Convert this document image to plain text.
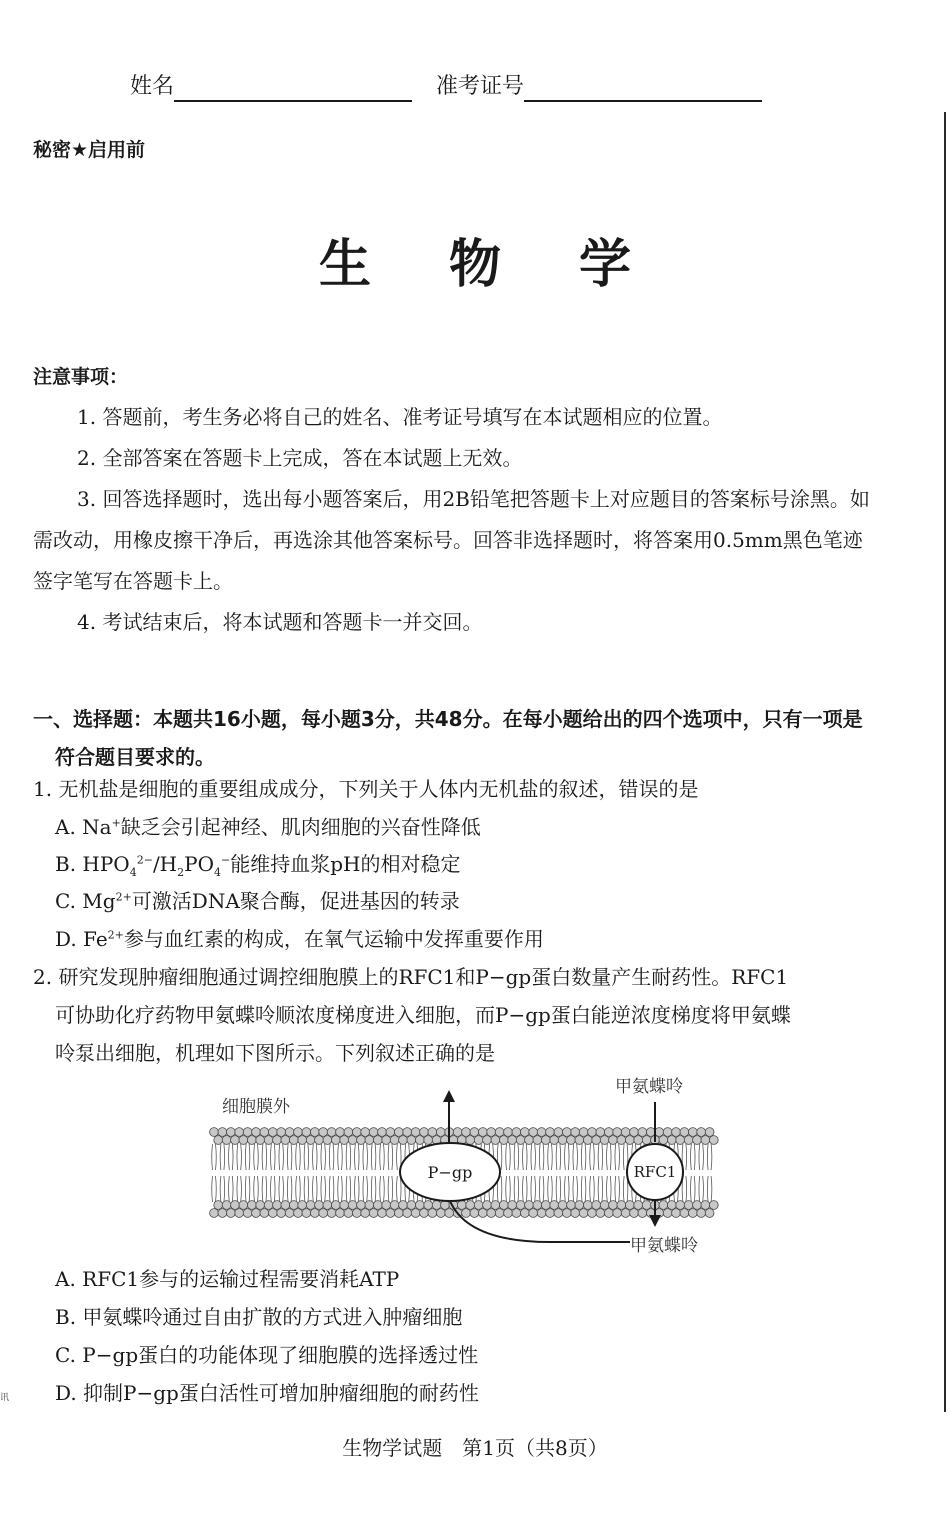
讯
姓名	准考证号
秘密★启用前
生物学
注意事项：
1. 答题前，考生务必将自己的姓名、准考证号填写在本试题相应的位置。
2. 全部答案在答题卡上完成，答在本试题上无效。
3. 回答选择题时，选出每小题答案后，用2B铅笔把答题卡上对应题目的答案标号涂黑。如需改动，用橡皮擦干净后，再选涂其他答案标号。回答非选择题时，将答案用0.5mm黑色笔迹签字笔写在答题卡上。
4. 考试结束后，将本试题和答题卡一并交回。
一、选择题：本题共16小题，每小题3分，共48分。在每小题给出的四个选项中，只有一项是符合题目要求的。
1. 无机盐是细胞的重要组成成分，下列关于人体内无机盐的叙述，错误的是
A. Na+缺乏会引起神经、肌肉细胞的兴奋性降低
B. $HPO_4^{2-}/H_2PO_4^-$能维持血浆pH的相对稳定
C. $Mg^{2+}$可激活DNA聚合酶，促进基因的转录
D. $Fe^{2+}$参与血红素的构成，在氧气运输中发挥重要作用
2. 研究发现肿瘤细胞通过调控细胞膜上的RFC1和P−gp蛋白数量产生耐药性。RFC1
可协助化疗药物甲氨蝶呤顺浓度梯度进入细胞，而P−gp蛋白能逆浓度梯度将甲氨蝶
呤泵出细胞，机理如下图所示。下列叙述正确的是
细胞膜外
甲氨蝶呤
甲氨蝶呤
P−gp	RFC1
A. RFC1参与的运输过程需要消耗ATP
B. 甲氨蝶呤通过自由扩散的方式进入肿瘤细胞
C. P−gp蛋白的功能体现了细胞膜的选择透过性
D. 抑制P−gp蛋白活性可增加肿瘤细胞的耐药性
生物学试题　第1页（共8页）
